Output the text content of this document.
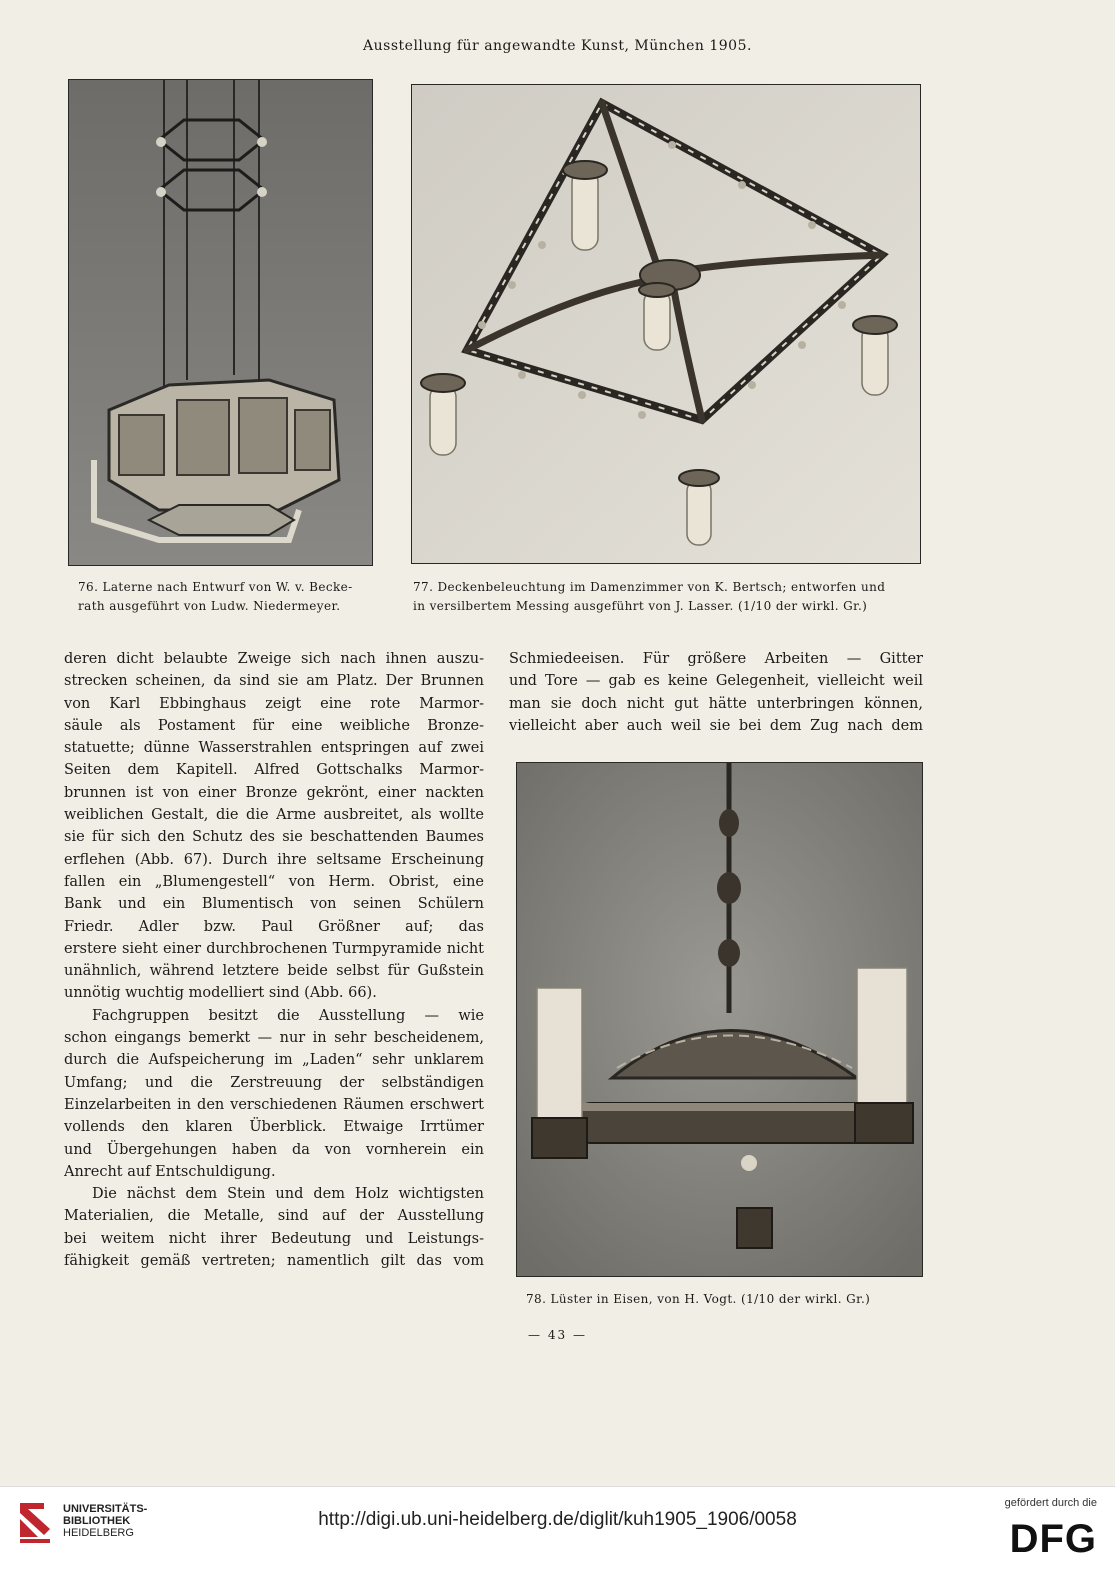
Ausstellung für angewandte Kunst, München 1905.

76. Laterne nach Entwurf von W. v. Becke-

rath ausgeführt von Ludw. Niedermeyer.

77. Deckenbeleuchtung im Damenzimmer von K. Bertsch; entworfen und

in versilbertem Messing ausgeführt von J. Lasser. (1/10 der wirkl. Gr.)

deren dicht belaubte Zweige sich nach ihnen auszu-
strecken scheinen, da sind sie am Platz. Der Brunnen
von Karl Ebbinghaus zeigt eine rote Marmor-
säule als Postament für eine weibliche Bronze-
statuette; dünne Wasserstrahlen entspringen auf zwei
Seiten dem Kapitell. Alfred Gottschalks Marmor-
brunnen ist von einer Bronze gekrönt, einer nackten
weiblichen Gestalt, die die Arme ausbreitet, als wollte
sie für sich den Schutz des sie beschattenden Baumes
erflehen (Abb. 67). Durch ihre seltsame Erscheinung
fallen ein „Blumengestell“ von Herm. Obrist, eine
Bank und ein Blumentisch von seinen Schülern
Friedr. Adler bzw. Paul Größner auf; das
erstere sieht einer durchbrochenen Turmpyramide nicht
unähnlich, während letztere beide selbst für Gußstein
unnötig wuchtig modelliert sind (Abb. 66).
Fachgruppen besitzt die Ausstellung — wie
schon eingangs bemerkt — nur in sehr bescheidenem,
durch die Aufspeicherung im „Laden“ sehr unklarem
Umfang; und die Zerstreuung der selbständigen
Einzelarbeiten in den verschiedenen Räumen erschwert
vollends den klaren Überblick. Etwaige Irrtümer
und Übergehungen haben da von vornherein ein
Anrecht auf Entschuldigung.
Die nächst dem Stein und dem Holz wichtigsten
Materialien, die Metalle, sind auf der Ausstellung
bei weitem nicht ihrer Bedeutung und Leistungs-
fähigkeit gemäß vertreten; namentlich gilt das vom
Schmiedeeisen. Für größere Arbeiten — Gitter
und Tore — gab es keine Gelegenheit, vielleicht weil
man sie doch nicht gut hätte unterbringen können,
vielleicht aber auch weil sie bei dem Zug nach dem

78. Lüster in Eisen, von H. Vogt. (1/10 der wirkl. Gr.)

— 43 —
UNIVERSITÄTS-
BIBLIOTHEK
HEIDELBERG
http://digi.ub.uni-heidelberg.de/diglit/kuh1905_1906/0058
gefördert durch die
DFG
